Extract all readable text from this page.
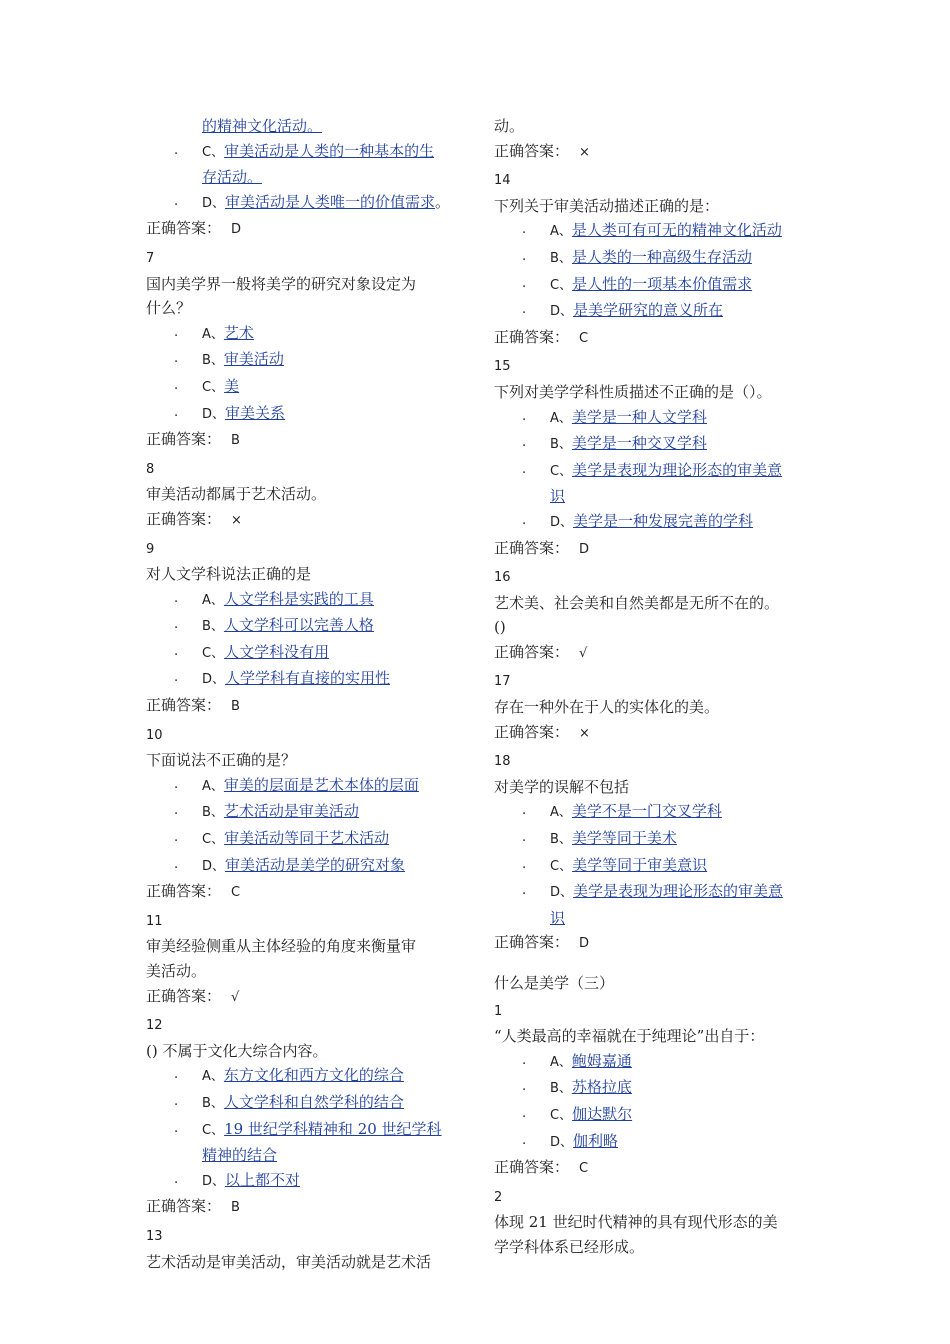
的精神文化活动。
. C、审美活动是人类的一种基本的生
存活动。
. D、审美活动是人类唯一的价值需求。
正确答案： D
7
国内美学界一般将美学的研究对象设定为
什么？
. A、艺术
. B、审美活动
. C、美
. D、审美关系
正确答案： B
8
审美活动都属于艺术活动。
正确答案： ×
9
对人文学科说法正确的是
. A、人文学科是实践的工具
. B、人文学科可以完善人格
. C、人文学科没有用
. D、人学学科有直接的实用性
正确答案： B
10
下面说法不正确的是？
. A、审美的层面是艺术本体的层面
. B、艺术活动是审美活动
. C、审美活动等同于艺术活动
. D、审美活动是美学的研究对象
正确答案： C
11
审美经验侧重从主体经验的角度来衡量审
美活动。
正确答案： √
12
() 不属于文化大综合内容。
. A、东方文化和西方文化的综合
. B、人文学科和自然学科的结合
. C、19 世纪学科精神和 20 世纪学科
精神的结合
. D、以上都不对
正确答案： B
13
艺术活动是审美活动，审美活动就是艺术活
动。
正确答案： ×
14
下列关于审美活动描述正确的是：
. A、是人类可有可无的精神文化活动
. B、是人类的一种高级生存活动
. C、是人性的一项基本价值需求
. D、是美学研究的意义所在
正确答案： C
15
下列对美学学科性质描述不正确的是（）。
. A、美学是一种人文学科
. B、美学是一种交叉学科
. C、美学是表现为理论形态的审美意
识
. D、美学是一种发展完善的学科
正确答案： D
16
艺术美、社会美和自然美都是无所不在的。
()
正确答案： √
17
存在一种外在于人的实体化的美。
正确答案： ×
18
对美学的误解不包括
. A、美学不是一门交叉学科
. B、美学等同于美术
. C、美学等同于审美意识
. D、美学是表现为理论形态的审美意
识
正确答案： D
什么是美学（三）
1
“人类最高的幸福就在于纯理论”出自于：
. A、鲍姆嘉通
. B、苏格拉底
. C、伽达默尔
. D、伽利略
正确答案： C
2
体现 21 世纪时代精神的具有现代形态的美
学学科体系已经形成。
